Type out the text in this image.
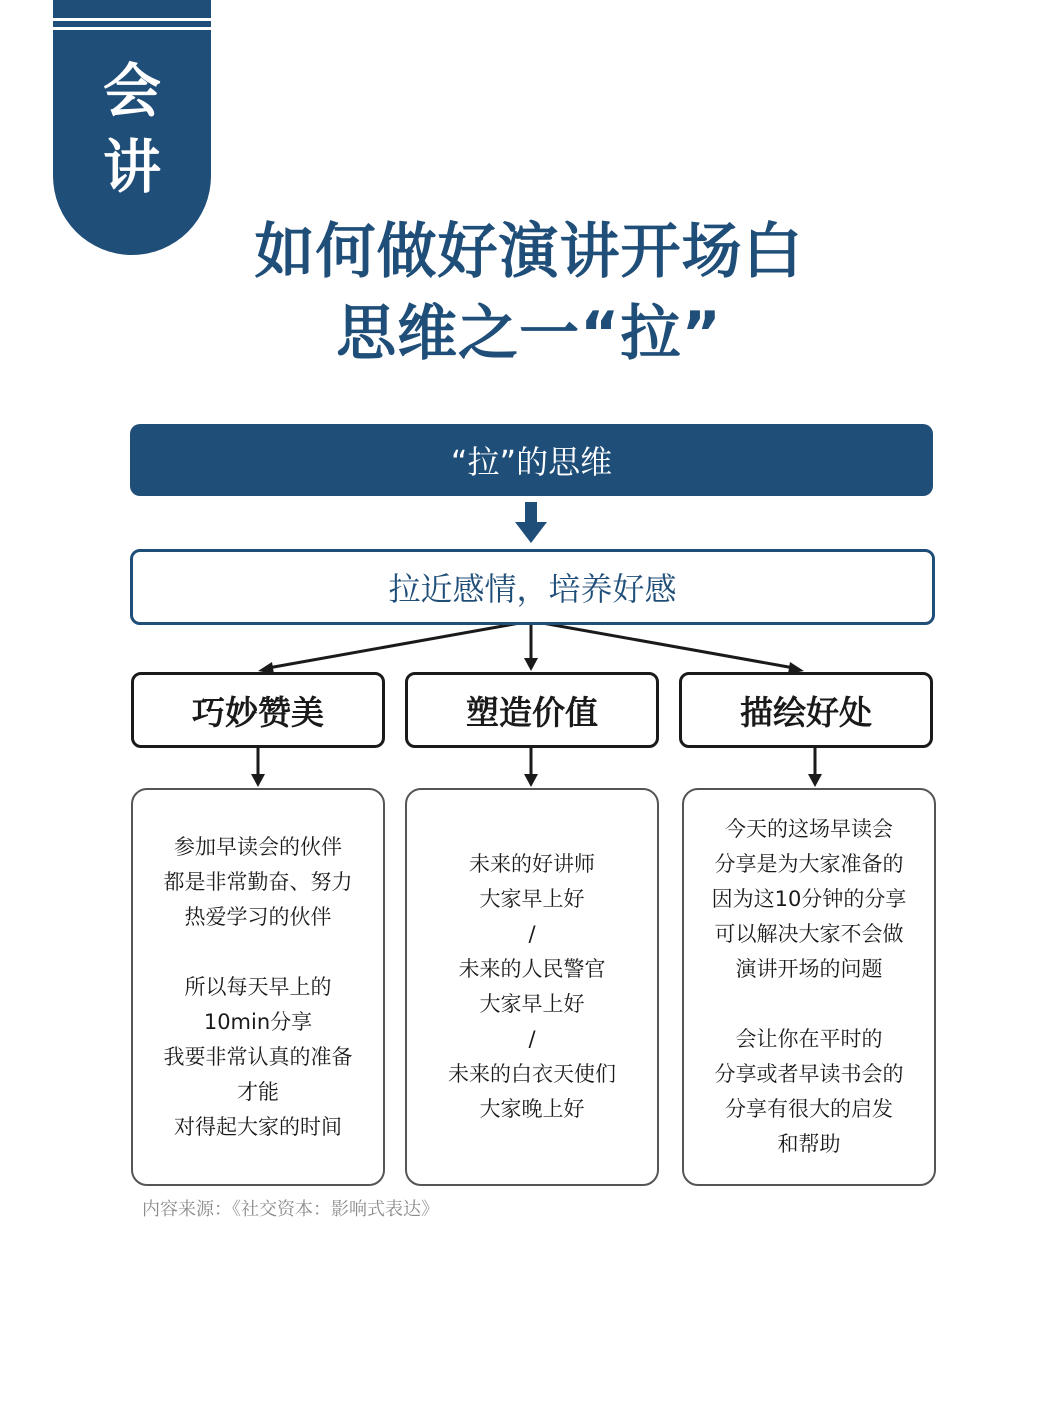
会
讲
如何做好演讲开场白
思维之一“拉”
“拉”的思维
拉近感情，培养好感
巧妙赞美	塑造价值	描绘好处
参加早读会的伙伴
都是非常勤奋、努力
热爱学习的伙伴
所以每天早上的
10min分享
我要非常认真的准备
才能
对得起大家的时间
未来的好讲师
大家早上好
/
未来的人民警官
大家早上好
/
未来的白衣天使们
大家晚上好
今天的这场早读会
分享是为大家准备的
因为这10分钟的分享
可以解决大家不会做
演讲开场的问题
会让你在平时的
分享或者早读书会的
分享有很大的启发
和帮助
内容来源：《社交资本：影响式表达》
